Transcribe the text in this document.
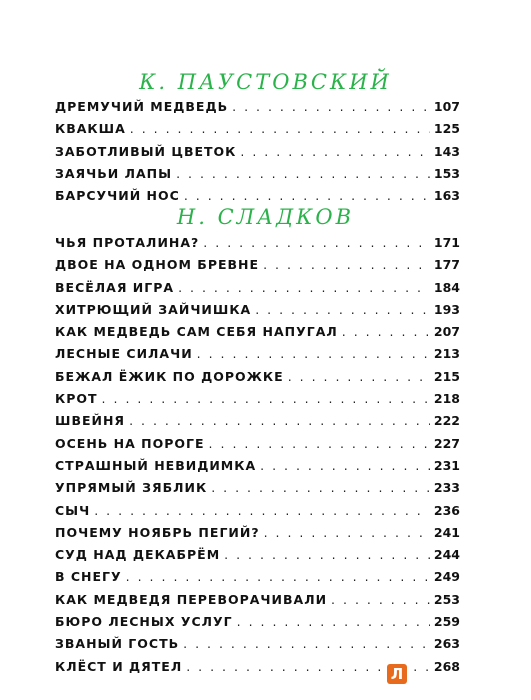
К. ПАУСТОВСКИЙ
ДРЕМУЧИЙ МЕДВЕДЬ . . .	107
КВАКША . . .	125
ЗАБОТЛИВЫЙ ЦВЕТОК . . .	143
ЗАЯЧЬИ ЛАПЫ . . .	153
БАРСУЧИЙ НОС . . .	163
Н. СЛАДКОВ
ЧЬЯ ПРОТАЛИНА? . . .	171
ДВОЕ НА ОДНОМ БРЕВНЕ . . .	177
ВЕСЁЛАЯ ИГРА . . .	184
ХИТРЮЩИЙ ЗАЙЧИШКА . . .	193
КАК МЕДВЕДЬ САМ СЕБЯ НАПУГАЛ . . .	207
ЛЕСНЫЕ СИЛАЧИ . . .	213
БЕЖАЛ ЁЖИК ПО ДОРОЖКЕ . . .	215
КРОТ . . .	218
ШВЕЙНЯ . . .	222
ОСЕНЬ НА ПОРОГЕ . . .	227
СТРАШНЫЙ НЕВИДИМКА . . .	231
УПРЯМЫЙ ЗЯБЛИК . . .	233
СЫЧ . . .	236
ПОЧЕМУ НОЯБРЬ ПЕГИЙ? . . .	241
СУД НАД ДЕКАБРЁМ . . .	244
В СНЕГУ . . .	249
КАК МЕДВЕДЯ ПЕРЕВОРАЧИВАЛИ . . .	253
БЮРО ЛЕСНЫХ УСЛУГ . . .	259
ЗВАНЫЙ ГОСТЬ . . .	263
КЛЁСТ И ДЯТЕЛ . . .	268
Л
